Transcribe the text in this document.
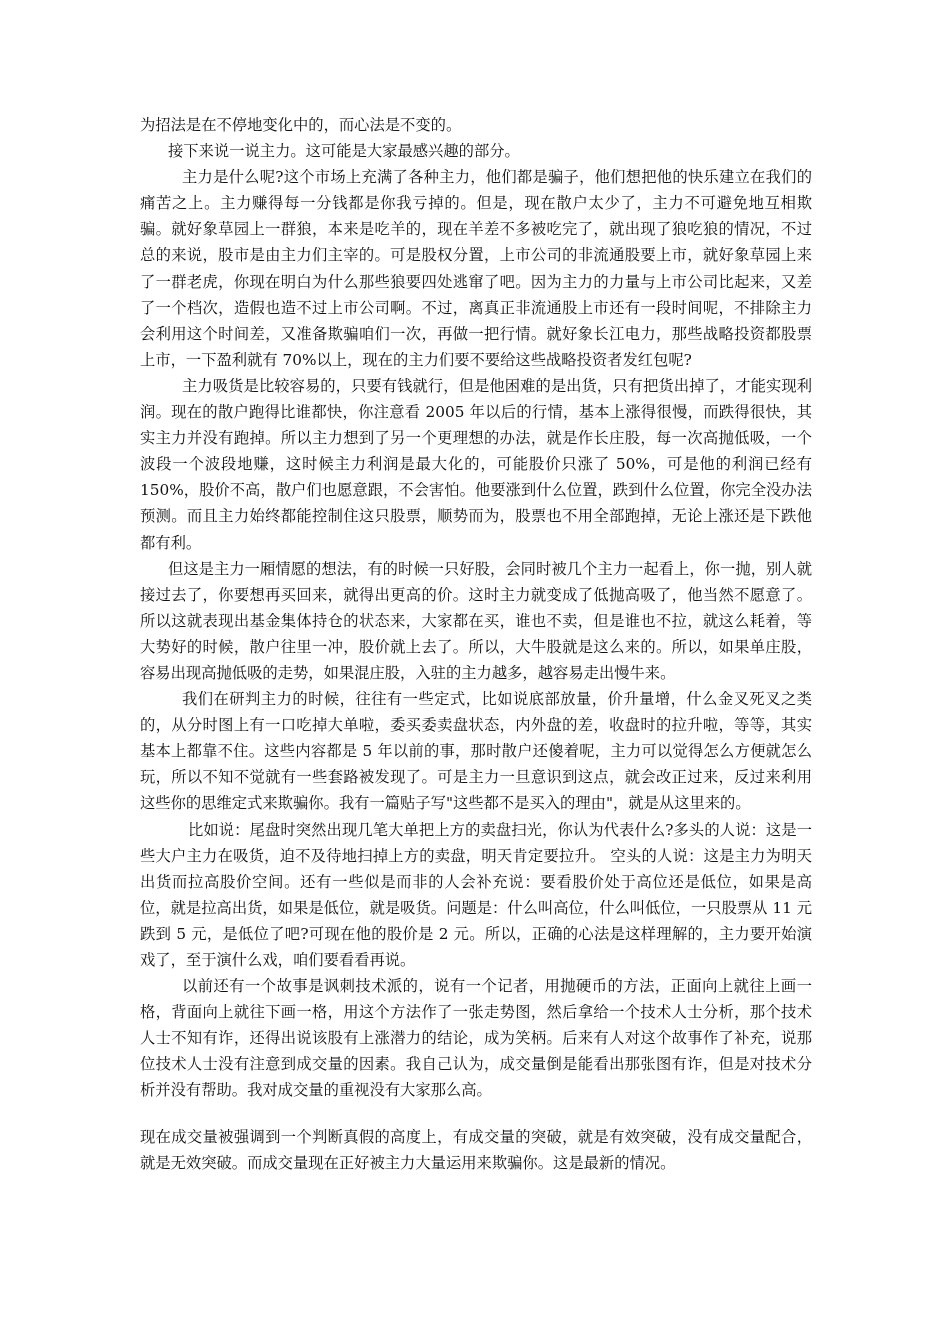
为招法是在不停地变化中的，而心法是不变的。

接下来说一说主力。这可能是大家最感兴趣的部分。

主力是什么呢?这个市场上充满了各种主力，他们都是骗子，他们想把他的快乐建立在我们的痛苦之上。主力赚得每一分钱都是你我亏掉的。但是，现在散户太少了，主力不可避免地互相欺骗。就好象草园上一群狼，本来是吃羊的，现在羊差不多被吃完了，就出现了狼吃狼的情况，不过总的来说，股市是由主力们主宰的。可是股权分置，上市公司的非流通股要上市，就好象草园上来了一群老虎，你现在明白为什么那些狼要四处逃窜了吧。因为主力的力量与上市公司比起来，又差了一个档次，造假也造不过上市公司啊。不过，离真正非流通股上市还有一段时间呢，不排除主力会利用这个时间差，又准备欺骗咱们一次，再做一把行情。就好象长江电力，那些战略投资都股票上市，一下盈利就有 70%以上，现在的主力们要不要给这些战略投资者发红包呢?

主力吸货是比较容易的，只要有钱就行，但是他困难的是出货，只有把货出掉了，才能实现利润。现在的散户跑得比谁都快，你注意看 2005 年以后的行情，基本上涨得很慢，而跌得很快，其实主力并没有跑掉。所以主力想到了另一个更理想的办法，就是作长庄股，每一次高抛低吸，一个波段一个波段地赚，这时候主力利润是最大化的，可能股价只涨了 50%，可是他的利润已经有 150%，股价不高，散户们也愿意跟，不会害怕。他要涨到什么位置，跌到什么位置，你完全没办法预测。而且主力始终都能控制住这只股票，顺势而为，股票也不用全部跑掉，无论上涨还是下跌他都有利。

但这是主力一厢情愿的想法，有的时候一只好股，会同时被几个主力一起看上，你一抛，别人就接过去了，你要想再买回来，就得出更高的价。这时主力就变成了低抛高吸了，他当然不愿意了。所以这就表现出基金集体持仓的状态来，大家都在买，谁也不卖，但是谁也不拉，就这么耗着，等大势好的时候，散户往里一冲，股价就上去了。所以，大牛股就是这么来的。所以，如果单庄股，容易出现高抛低吸的走势，如果混庄股，入驻的主力越多，越容易走出慢牛来。

我们在研判主力的时候，往往有一些定式，比如说底部放量，价升量增，什么金叉死叉之类的，从分时图上有一口吃掉大单啦，委买委卖盘状态，内外盘的差，收盘时的拉升啦，等等，其实基本上都靠不住。这些内容都是 5 年以前的事，那时散户还傻着呢，主力可以觉得怎么方便就怎么玩，所以不知不觉就有一些套路被发现了。可是主力一旦意识到这点，就会改正过来，反过来利用这些你的思维定式来欺骗你。我有一篇贴子写"这些都不是买入的理由"，就是从这里来的。

比如说：尾盘时突然出现几笔大单把上方的卖盘扫光，你认为代表什么?多头的人说：这是一些大户主力在吸货，迫不及待地扫掉上方的卖盘，明天肯定要拉升。 空头的人说：这是主力为明天出货而拉高股价空间。还有一些似是而非的人会补充说：要看股价处于高位还是低位，如果是高位，就是拉高出货，如果是低位，就是吸货。问题是：什么叫高位，什么叫低位，一只股票从 11 元跌到 5 元，是低位了吧?可现在他的股价是 2 元。所以，正确的心法是这样理解的，主力要开始演戏了，至于演什么戏，咱们要看看再说。

以前还有一个故事是讽刺技术派的，说有一个记者，用抛硬币的方法，正面向上就往上画一格，背面向上就往下画一格，用这个方法作了一张走势图，然后拿给一个技术人士分析，那个技术人士不知有诈，还得出说该股有上涨潜力的结论，成为笑柄。后来有人对这个故事作了补充，说那位技术人士没有注意到成交量的因素。我自己认为，成交量倒是能看出那张图有诈，但是对技术分析并没有帮助。我对成交量的重视没有大家那么高。

现在成交量被强调到一个判断真假的高度上，有成交量的突破，就是有效突破，没有成交量配合，就是无效突破。而成交量现在正好被主力大量运用来欺骗你。这是最新的情况。
